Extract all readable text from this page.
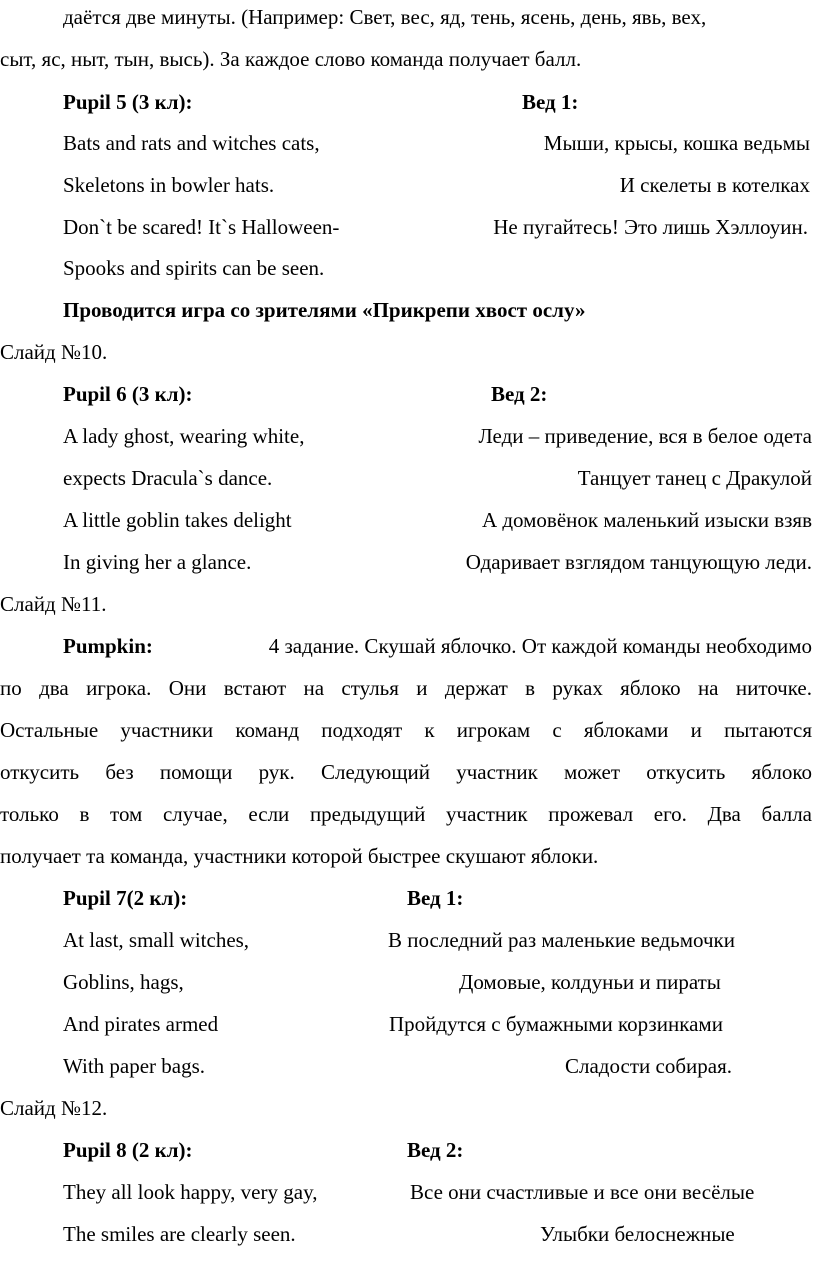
даётся две минуты. (Например: Свет, вес, яд, тень, ясень, день, явь, вех,
сыт, яс, ныт, тын, высь). За каждое слово команда получает балл.
Pupil 5 (3 кл):	Вед 1:
Bats and rats and witches cats,	Мыши, крысы, кошка ведьмы
Skeletons in bowler hats.	И скелеты в котелках
Don`t be scared! It`s Halloween-	Не пугайтесь! Это лишь Хэллоуин.
Spooks and spirits can be seen.
Проводится игра со зрителями «Прикрепи хвост ослу»
Слайд №10.
Pupil 6 (3 кл):	Вед 2:
A lady ghost, wearing white,	Леди – приведение, вся в белое одета
expects Dracula`s dance.	Танцует танец с Дракулой
A little goblin takes delight	А домовёнок маленький изыски взяв
In giving her a glance.	Одаривает взглядом танцующую леди.
Слайд №11.
Pumpkin:	4 задание. Скушай яблочко. От каждой команды необходимо
по два игрока. Они встают на стулья и держат в руках яблоко на ниточке.
Остальные участники команд подходят к игрокам с яблоками и пытаются
откусить без помощи рук. Следующий участник может откусить яблоко
только в том случае, если предыдущий участник прожевал его. Два балла
получает та команда, участники которой быстрее скушают яблоки.
Pupil 7(2 кл):	Вед 1:
At last, small witches,	В последний раз маленькие ведьмочки
Goblins, hags,	Домовые, колдуньи и пираты
And pirates armed	Пройдутся с бумажными корзинками
With paper bags.	Сладости собирая.
Слайд №12.
Pupil 8 (2 кл):	Вед 2:
They all look happy, very gay,	Все они счастливые и все они весёлые
The smiles are clearly seen.	Улыбки белоснежные
